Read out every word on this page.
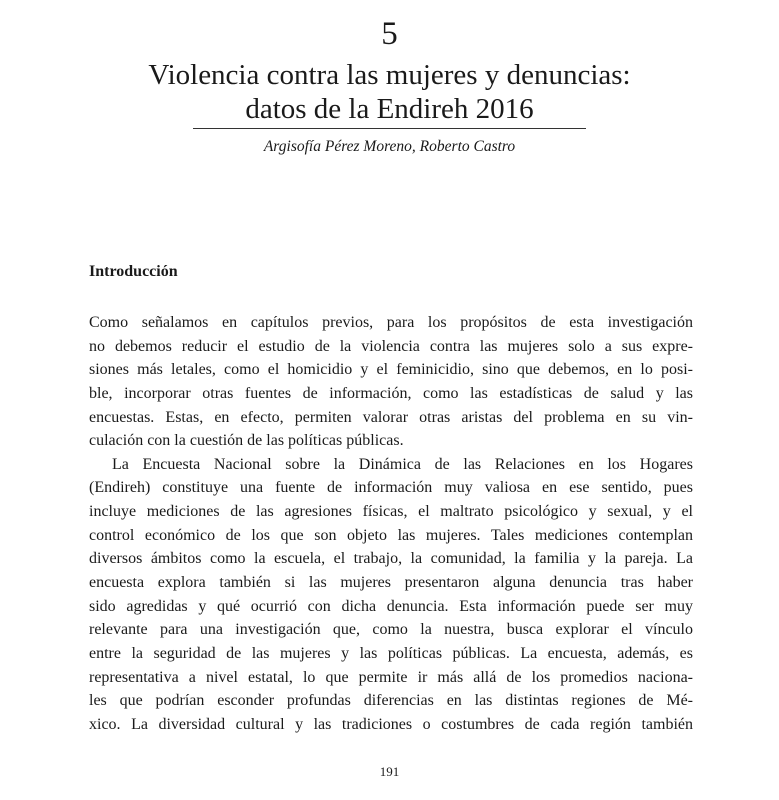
5
Violencia contra las mujeres y denuncias:
datos de la Endireh 2016
Argisofía Pérez Moreno, Roberto Castro
Introducción
Como señalamos en capítulos previos, para los propósitos de esta investigación
no debemos reducir el estudio de la violencia contra las mujeres solo a sus expre-
siones más letales, como el homicidio y el feminicidio, sino que debemos, en lo posi-
ble, incorporar otras fuentes de información, como las estadísticas de salud y las
encuestas. Estas, en efecto, permiten valorar otras aristas del problema en su vin-
culación con la cuestión de las políticas públicas.
La Encuesta Nacional sobre la Dinámica de las Relaciones en los Hogares
(Endireh) constituye una fuente de información muy valiosa en ese sentido, pues
incluye mediciones de las agresiones físicas, el maltrato psicológico y sexual, y el
control económico de los que son objeto las mujeres. Tales mediciones contemplan
diversos ámbitos como la escuela, el trabajo, la comunidad, la familia y la pareja. La
encuesta explora también si las mujeres presentaron alguna denuncia tras haber
sido agredidas y qué ocurrió con dicha denuncia. Esta información puede ser muy
relevante para una investigación que, como la nuestra, busca explorar el vínculo
entre la seguridad de las mujeres y las políticas públicas. La encuesta, además, es
representativa a nivel estatal, lo que permite ir más allá de los promedios naciona-
les que podrían esconder profundas diferencias en las distintas regiones de Mé-
xico. La diversidad cultural y las tradiciones o costumbres de cada región también
191
